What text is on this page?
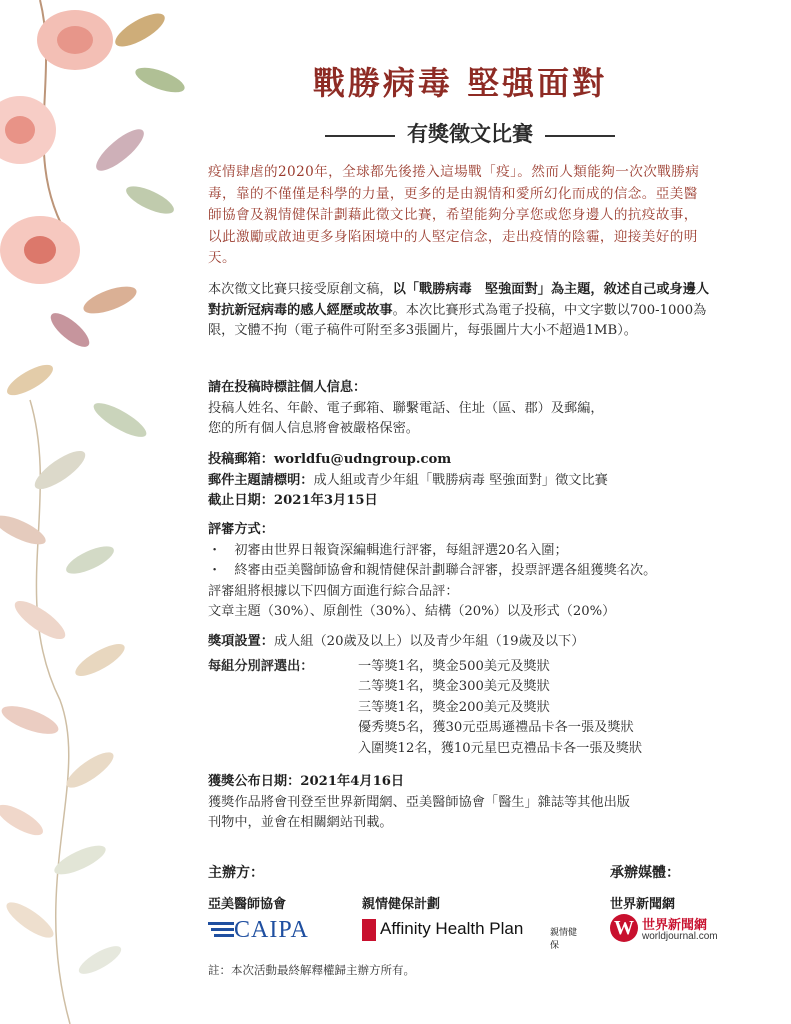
戰勝病毒 堅强面對
有獎徵文比賽
疫情肆虐的2020年，全球都先後捲入這場戰「疫」。然而人類能夠一次次戰勝病毒，靠的不僅僅是科學的力量，更多的是由親情和愛所幻化而成的信念。亞美醫師協會及親情健保計劃藉此徵文比賽，希望能夠分享您或您身邊人的抗疫故事，以此激勵或啟迪更多身陷困境中的人堅定信念，走出疫情的陰霾，迎接美好的明天。
本次徵文比賽只接受原創文稿，以「戰勝病毒　堅強面對」為主題，敘述自己或身邊人對抗新冠病毒的感人經歷或故事。本次比賽形式為電子投稿，中文字數以700-1000為限，文體不拘（電子稿件可附至多3張圖片，每張圖片大小不超過1MB）。
請在投稿時標註個人信息：
投稿人姓名、年齡、電子郵箱、聯繫電話、住址（區、郡）及郵編，
您的所有個人信息將會被嚴格保密。
投稿郵箱：worldfu@udngroup.com
郵件主題請標明：成人組或青少年組「戰勝病毒 堅強面對」徵文比賽
截止日期：2021年3月15日
評審方式：
・　初審由世界日報資深編輯進行評審，每組評選20名入圍；
・　終審由亞美醫師協會和親情健保計劃聯合評審，投票評選各組獲獎名次。
評審組將根據以下四個方面進行綜合品評：
文章主題（30%）、原創性（30%）、結構（20%）以及形式（20%）
獎項設置：成人組（20歲及以上）以及青少年組（19歲及以下）
每組分別評選出：	一等獎1名，獎金500美元及獎狀
二等獎1名，獎金300美元及獎狀
三等獎1名，獎金200美元及獎狀
優秀獎5名，獲30元亞馬遜禮品卡各一張及獎狀
入圍獎12名，獲10元星巴克禮品卡各一張及獎狀
獲獎公布日期：2021年4月16日
獲獎作品將會刊登至世界新聞網、亞美醫師協會「醫生」雜誌等其他出版
刊物中，並會在相關網站刊載。
主辦方：	承辦媒體：
亞美醫師協會	親情健保計劃	世界新聞網
CAIPA	Affinity Health Plan	親情健保
W 世界新聞網
worldjournal.com
註：本次活動最終解釋權歸主辦方所有。
